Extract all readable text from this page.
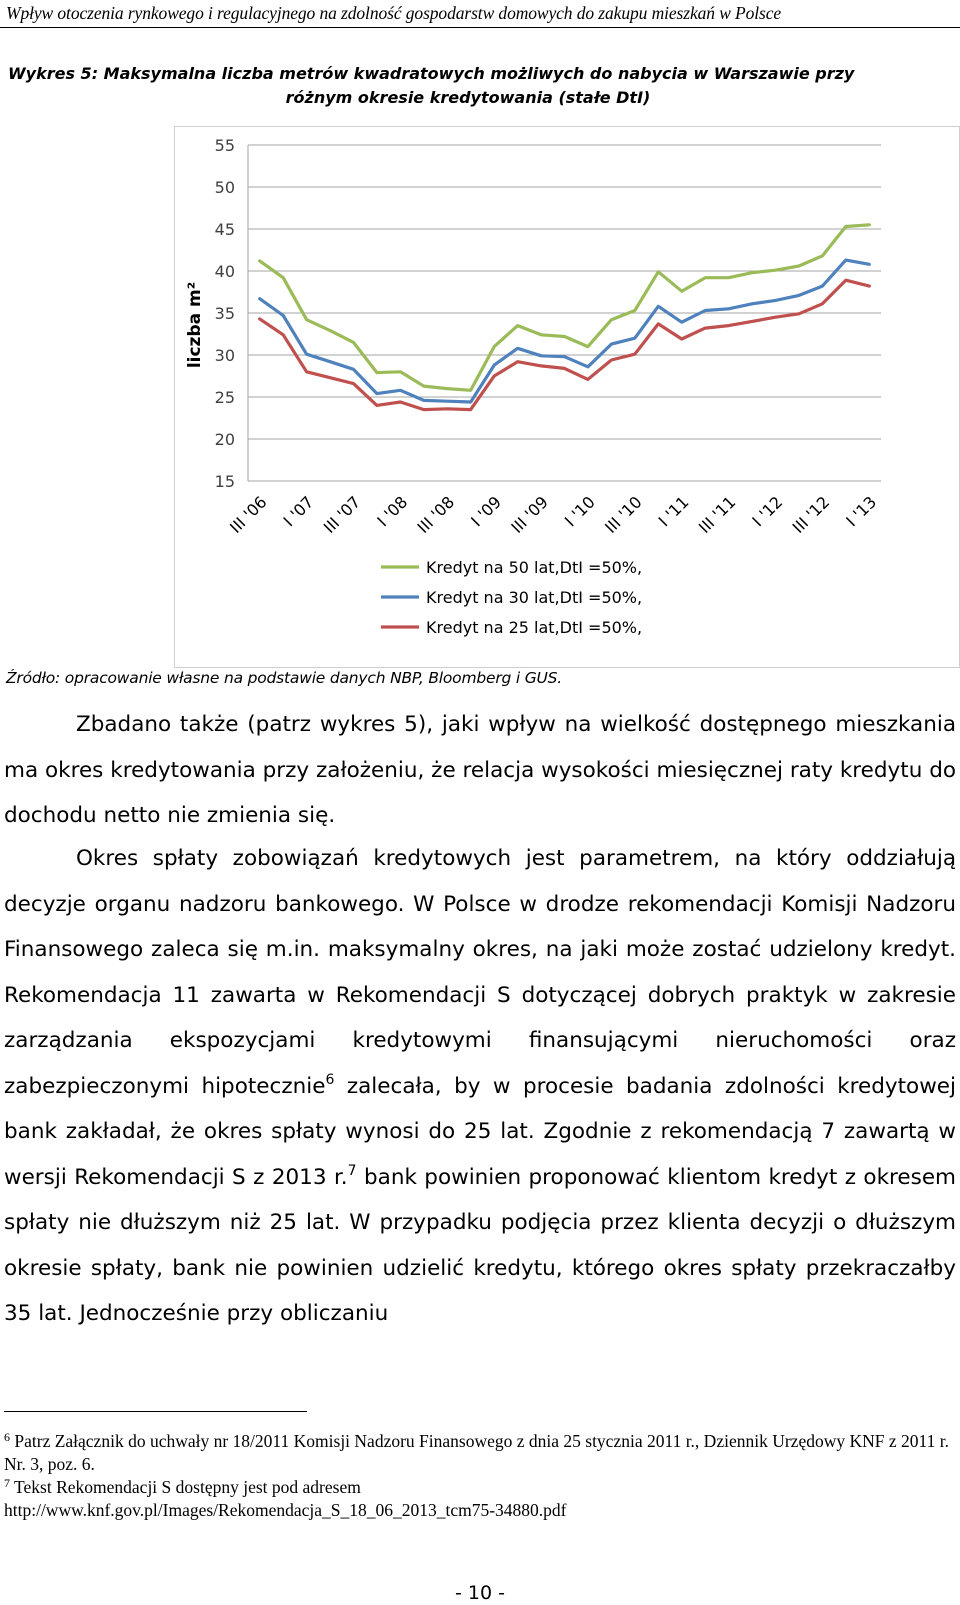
Wpływ otoczenia rynkowego i regulacyjnego na zdolność gospodarstw domowych do zakupu mieszkań w Polsce
Wykres 5: Maksymalna liczba metrów kwadratowych możliwych do nabycia w Warszawie przy
różnym okresie kredytowania (stałe DtI)
55
50
45
40
35
30
25
20
15
liczba m²
III '06 I '07 III '07 I '08 III '08 I '09 III '09 I '10 III '10 I '11 III '11 I '12 III '12 I '13
Kredyt na 50 lat,DtI =50%,
Kredyt na 30 lat,DtI =50%,
Kredyt na 25 lat,DtI =50%,
Źródło: opracowanie własne na podstawie danych NBP, Bloomberg i GUS.
Zbadano także (patrz wykres 5), jaki wpływ na wielkość dostępnego mieszkania ma okres kredytowania przy założeniu, że relacja wysokości miesięcznej raty kredytu do dochodu netto nie zmienia się.
Okres spłaty zobowiązań kredytowych jest parametrem, na który oddziałują decyzje organu nadzoru bankowego. W Polsce w drodze rekomendacji Komisji Nadzoru Finansowego zaleca się m.in. maksymalny okres, na jaki może zostać udzielony kredyt. Rekomendacja 11 zawarta w Rekomendacji S dotyczącej dobrych praktyk w zakresie zarządzania ekspozycjami kredytowymi finansującymi nieruchomości oraz zabezpieczonymi hipotecznie$^6$ zalecała, by w procesie badania zdolności kredytowej bank zakładał, że okres spłaty wynosi do 25 lat. Zgodnie z rekomendacją 7 zawartą w wersji Rekomendacji S z 2013 r.$^7$ bank powinien proponować klientom kredyt z okresem spłaty nie dłuższym niż 25 lat. W przypadku podjęcia przez klienta decyzji o dłuższym okresie spłaty, bank nie powinien udzielić kredytu, którego okres spłaty przekraczałby 35 lat. Jednocześnie przy obliczaniu
$^6$ Patrz Załącznik do uchwały nr 18/2011 Komisji Nadzoru Finansowego z dnia 25 stycznia 2011 r., Dziennik Urzędowy KNF z 2011 r. Nr. 3, poz. 6.
$^7$ Tekst Rekomendacji S dostępny jest pod adresem
http://www.knf.gov.pl/Images/Rekomendacja_S_18_06_2013_tcm75-34880.pdf
- 10 -
